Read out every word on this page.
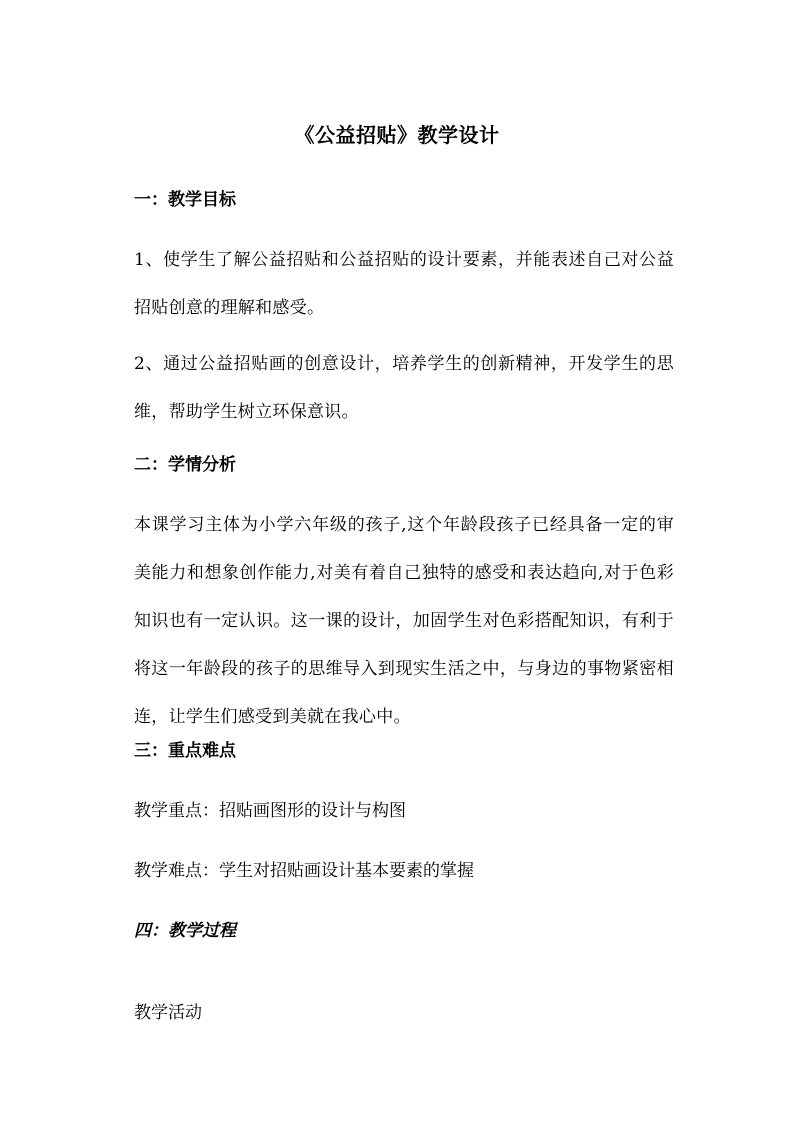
《公益招贴》教学设计
一：教学目标
1、使学生了解公益招贴和公益招贴的设计要素，并能表述自己对公益招贴创意的理解和感受。
2、通过公益招贴画的创意设计，培养学生的创新精神，开发学生的思维，帮助学生树立环保意识。
二：学情分析
本课学习主体为小学六年级的孩子,这个年龄段孩子已经具备一定的审美能力和想象创作能力,对美有着自己独特的感受和表达趋向,对于色彩知识也有一定认识。这一课的设计，加固学生对色彩搭配知识，有利于将这一年龄段的孩子的思维导入到现实生活之中，与身边的事物紧密相连，让学生们感受到美就在我心中。
三：重点难点
教学重点：招贴画图形的设计与构图
教学难点：学生对招贴画设计基本要素的掌握
四：教学过程
教学活动
